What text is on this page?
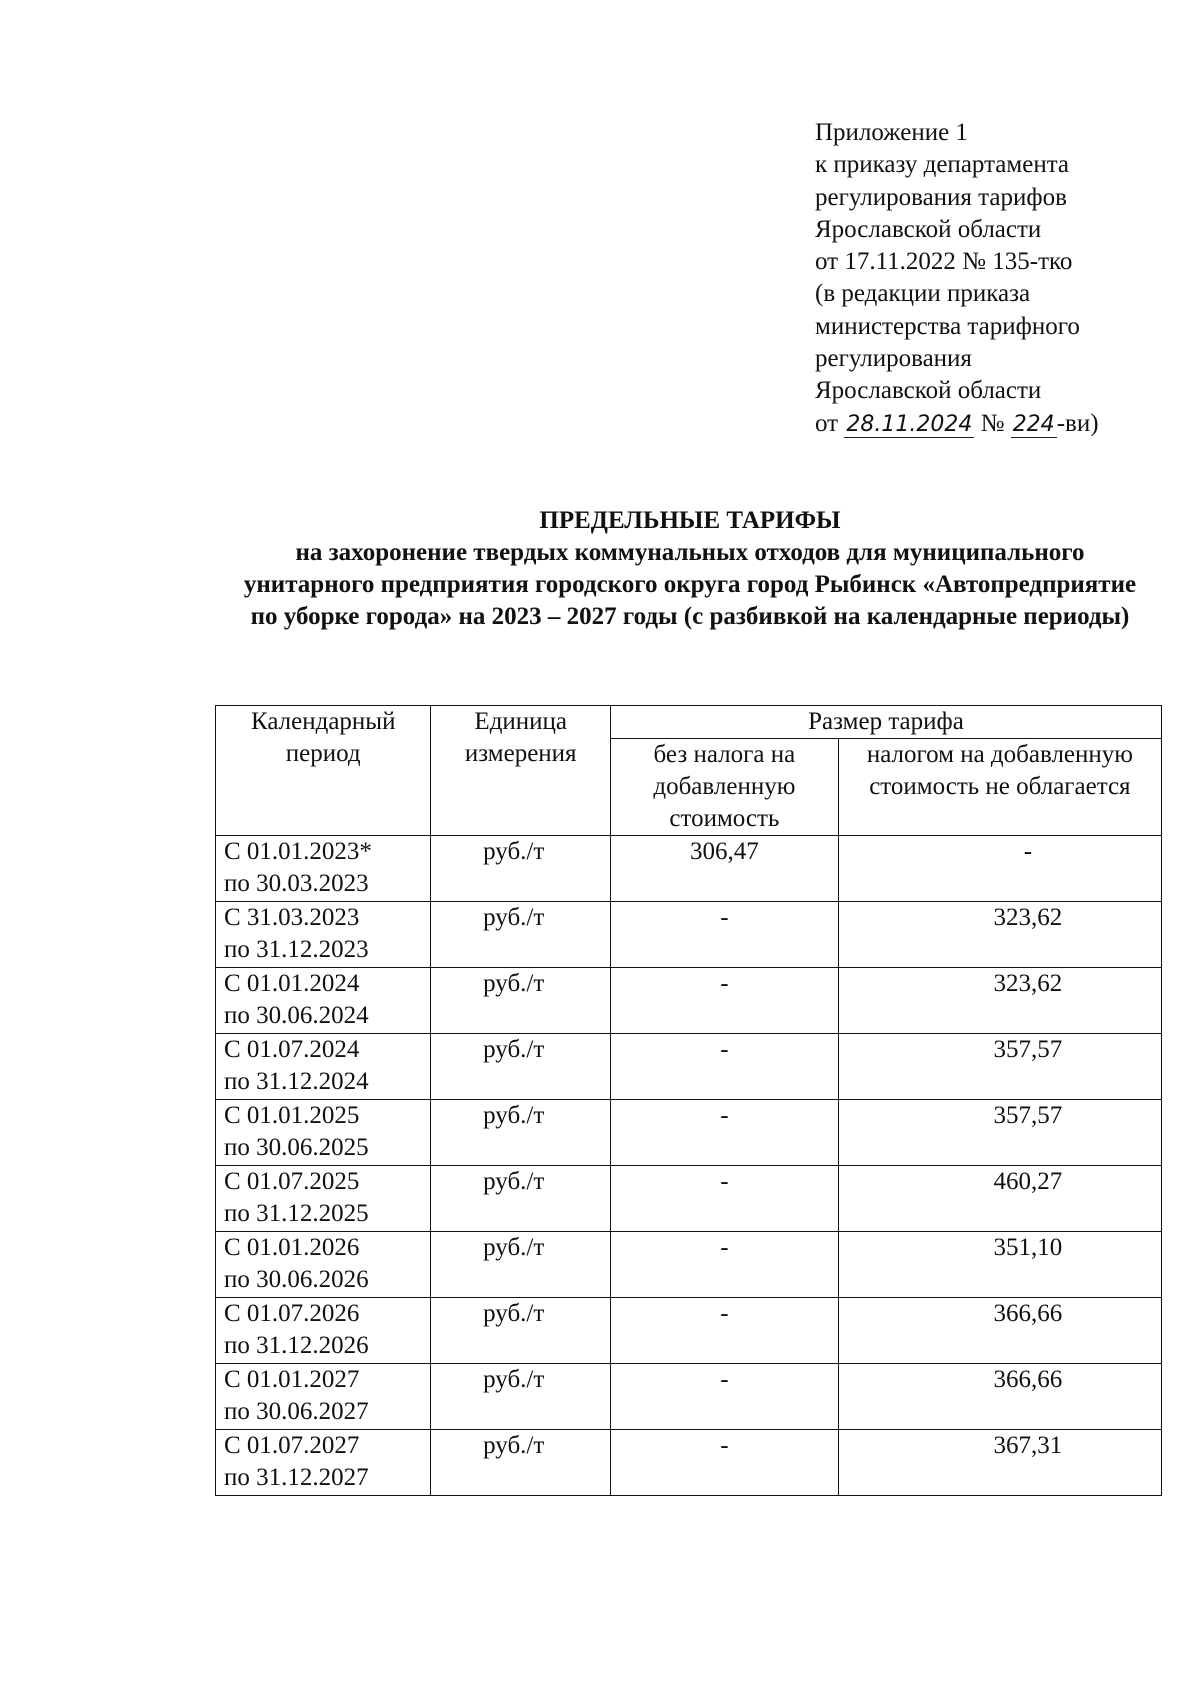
Приложение 1
к приказу департамента
регулирования тарифов
Ярославской области
от 17.11.2022 № 135-тко
(в редакции приказа
министерства тарифного
регулирования
Ярославской области
от 28.11.2024 № 224-ви)
ПРЕДЕЛЬНЫЕ ТАРИФЫ
на захоронение твердых коммунальных отходов для муниципального унитарного предприятия городского округа город Рыбинск «Автопредприятие по уборке города» на 2023 – 2027 годы (с разбивкой на календарные периоды)
Календарный период	Единица измерения	Размер тарифа	
		без налога на добавленную стоимость	налогом на добавленную стоимость не облагается

С 01.01.2023*
по 30.03.2023	руб./т	306,47	-

С 31.03.2023
по 31.12.2023	руб./т	-	323,62

С 01.01.2024
по 30.06.2024	руб./т	-	323,62

С 01.07.2024
по 31.12.2024	руб./т	-	357,57

С 01.01.2025
по 30.06.2025	руб./т	-	357,57

С 01.07.2025
по 31.12.2025	руб./т	-	460,27

С 01.01.2026
по 30.06.2026	руб./т	-	351,10

С 01.07.2026
по 31.12.2026	руб./т	-	366,66

С 01.01.2027
по 30.06.2027	руб./т	-	366,66

С 01.07.2027
по 31.12.2027	руб./т	-	367,31
